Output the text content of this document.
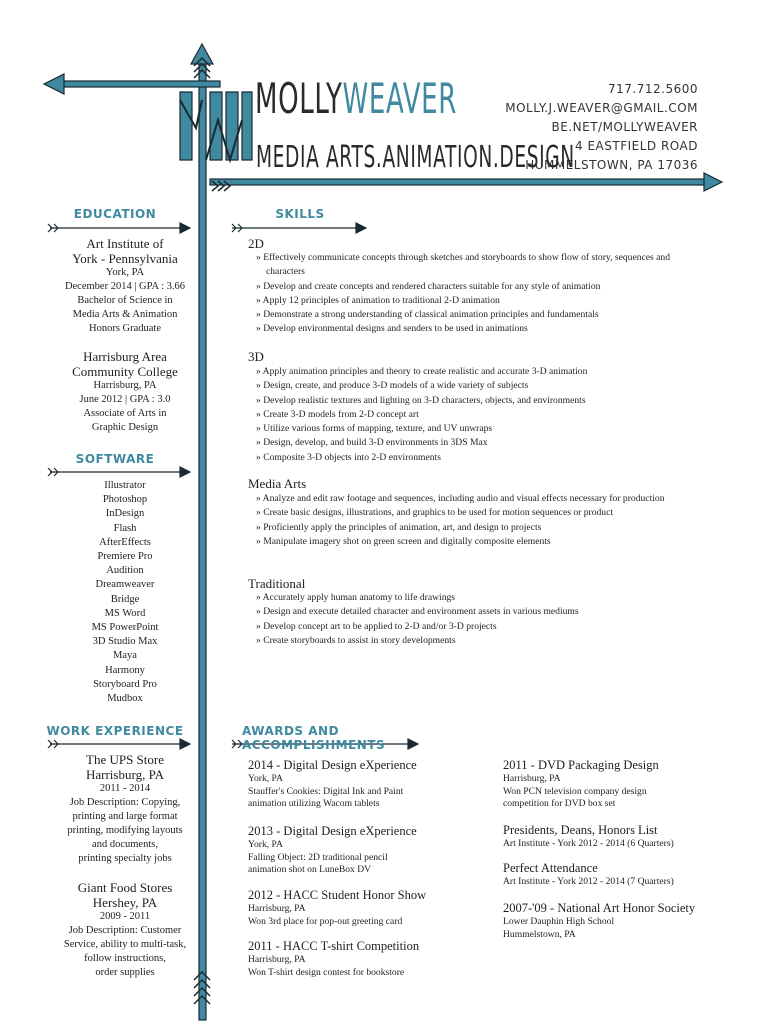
MOLLYWEAVER
MEDIA ARTS.ANIMATION.DESIGN
717.712.5600
MOLLY.J.WEAVER@GMAIL.COM
BE.NET/MOLLYWEAVER
4 EASTFIELD ROAD
HUMMELSTOWN, PA 17036
EDUCATION
Art Institute of
York - Pennsylvania
York, PA
December 2014 | GPA : 3.66
Bachelor of Science in
Media Arts & Animation
Honors Graduate
Harrisburg Area
Community College
Harrisburg, PA
June 2012 | GPA : 3.0
Associate of Arts in
Graphic Design
SOFTWARE
Illustrator
Photoshop
InDesign
Flash
AfterEffects
Premiere Pro
Audition
Dreamweaver
Bridge
MS Word
MS PowerPoint
3D Studio Max
Maya
Harmony
Storyboard Pro
Mudbox
WORK EXPERIENCE
The UPS Store
Harrisburg, PA
2011 - 2014
Job Description: Copying,
printing and large format
printing, modifying layouts
and documents,
printing specialty jobs
Giant Food Stores
Hershey, PA
2009 - 2011
Job Description: Customer
Service, ability to multi-task,
follow instructions,
order supplies
SKILLS
2D
» Effectively communicate concepts through sketches and storyboards to show flow of story, sequences and characters
» Develop and create concepts and rendered characters suitable for any style of animation
» Apply 12 principles of animation to traditional 2-D animation
» Demonstrate a strong understanding of classical animation principles and fundamentals
» Develop environmental designs and senders to be used in animations
3D
» Apply animation principles and theory to create realistic and accurate 3-D animation
» Design, create, and produce 3-D models of a wide variety of subjects
» Develop realistic textures and lighting on 3-D characters, objects, and environments
» Create 3-D models from 2-D concept art
» Utilize various forms of mapping, texture, and UV unwraps
» Design, develop, and build 3-D environments in 3DS Max
» Composite 3-D objects into 2-D environments
Media Arts
» Analyze and edit raw footage and sequences, including audio and visual effects necessary for production
» Create basic designs, illustrations, and graphics to be used for motion sequences or product
» Proficiently apply the principles of animation, art, and design to projects
» Manipulate imagery shot on green screen and digitally composite elements
Traditional
» Accurately apply human anatomy to life drawings
» Design and execute detailed character and environment assets in various mediums
» Develop concept art to be applied to 2-D and/or 3-D projects
» Create storyboards to assist in story developments
AWARDS AND ACCOMPLISHMENTS
2014 - Digital Design eXperience
York, PA
Stauffer's Cookies: Digital Ink and Paint
animation utilizing Wacom tablets
2013 - Digital Design eXperience
York, PA
Falling Object: 2D traditional pencil
animation shot on LuneBox DV
2012 - HACC Student Honor Show
Harrisburg, PA
Won 3rd place for pop-out greeting card
2011 - HACC T-shirt Competition
Harrisburg, PA
Won T-shirt design contest for bookstore
2011 - DVD Packaging Design
Harrisburg, PA
Won PCN television company design
competition for DVD box set
Presidents, Deans, Honors List
Art Institute - York 2012 - 2014 (6 Quarters)
Perfect Attendance
Art Institute - York 2012 - 2014 (7 Quarters)
2007-'09 - National Art Honor Society
Lower Dauphin High School
Hummelstown, PA
